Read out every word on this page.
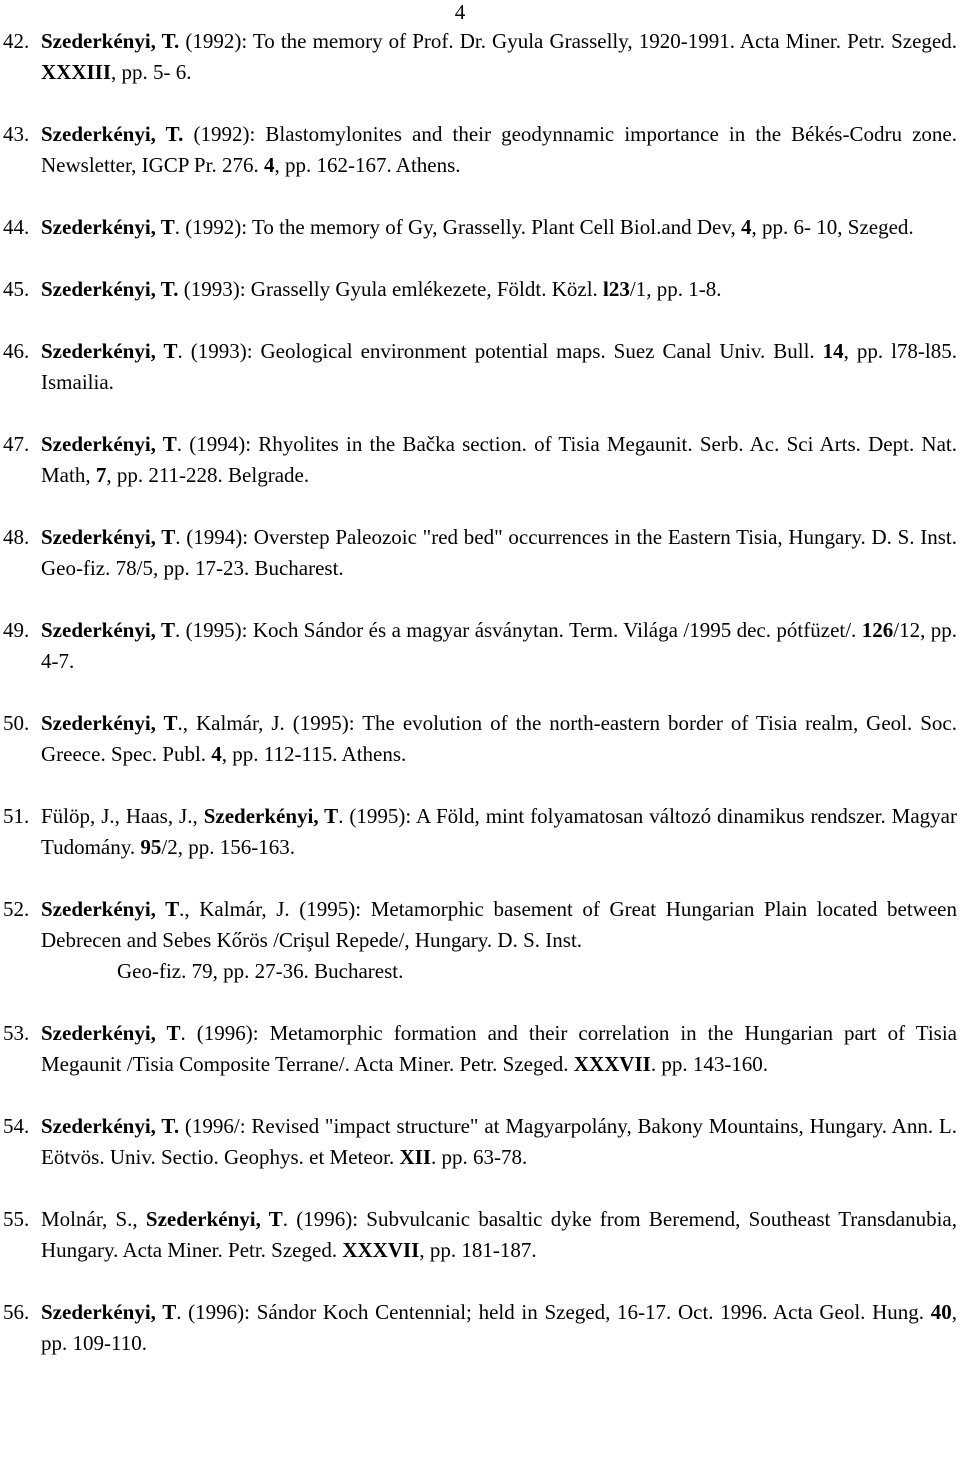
4
42. Szederkényi, T. (1992): To the memory of Prof. Dr. Gyula Grasselly, 1920-1991. Acta Miner. Petr. Szeged. XXXIII, pp. 5- 6.
43. Szederkényi, T. (1992): Blastomylonites and their geodynnamic importance in the Békés-Codru zone. Newsletter, IGCP Pr. 276. 4, pp. 162-167. Athens.
44. Szederkényi, T. (1992): To the memory of Gy, Grasselly. Plant Cell Biol.and Dev, 4, pp. 6- 10, Szeged.
45. Szederkényi, T. (1993): Grasselly Gyula emlékezete, Földt. Közl. l23/1, pp. 1-8.
46. Szederkényi, T. (1993): Geological environment potential maps. Suez Canal Univ. Bull. 14, pp. l78-l85. Ismailia.
47. Szederkényi, T. (1994): Rhyolites in the Bačka section. of Tisia Megaunit. Serb. Ac. Sci Arts. Dept. Nat. Math, 7, pp. 211-228. Belgrade.
48. Szederkényi, T. (1994): Overstep Paleozoic "red bed" occurrences in the Eastern Tisia, Hungary. D. S. Inst. Geo-fiz. 78/5, pp. 17-23. Bucharest.
49. Szederkényi, T. (1995): Koch Sándor és a magyar ásványtan. Term. Világa /1995 dec. pótfüzet/. 126/12, pp. 4-7.
50. Szederkényi, T., Kalmár, J. (1995): The evolution of the north-eastern border of Tisia realm, Geol. Soc. Greece. Spec. Publ. 4, pp. 112-115. Athens.
51. Fülöp, J., Haas, J., Szederkényi, T. (1995): A Föld, mint folyamatosan változó dinamikus rendszer. Magyar Tudomány. 95/2, pp. 156-163.
52. Szederkényi, T., Kalmár, J. (1995): Metamorphic basement of Great Hungarian Plain located between Debrecen and Sebes Kőrös /Crişul Repede/, Hungary. D. S. Inst.
Geo-fiz. 79, pp. 27-36. Bucharest.
53. Szederkényi, T. (1996): Metamorphic formation and their correlation in the Hungarian part of Tisia Megaunit /Tisia Composite Terrane/. Acta Miner. Petr. Szeged. XXXVII. pp. 143-160.
54. Szederkényi, T. (1996/: Revised "impact structure" at Magyarpolány, Bakony Mountains, Hungary. Ann. L. Eötvös. Univ. Sectio. Geophys. et Meteor. XII. pp. 63-78.
55. Molnár, S., Szederkényi, T. (1996): Subvulcanic basaltic dyke from Beremend, Southeast Transdanubia, Hungary. Acta Miner. Petr. Szeged. XXXVII, pp. 181-187.
56. Szederkényi, T. (1996): Sándor Koch Centennial; held in Szeged, 16-17. Oct. 1996. Acta Geol. Hung. 40, pp. 109-110.
